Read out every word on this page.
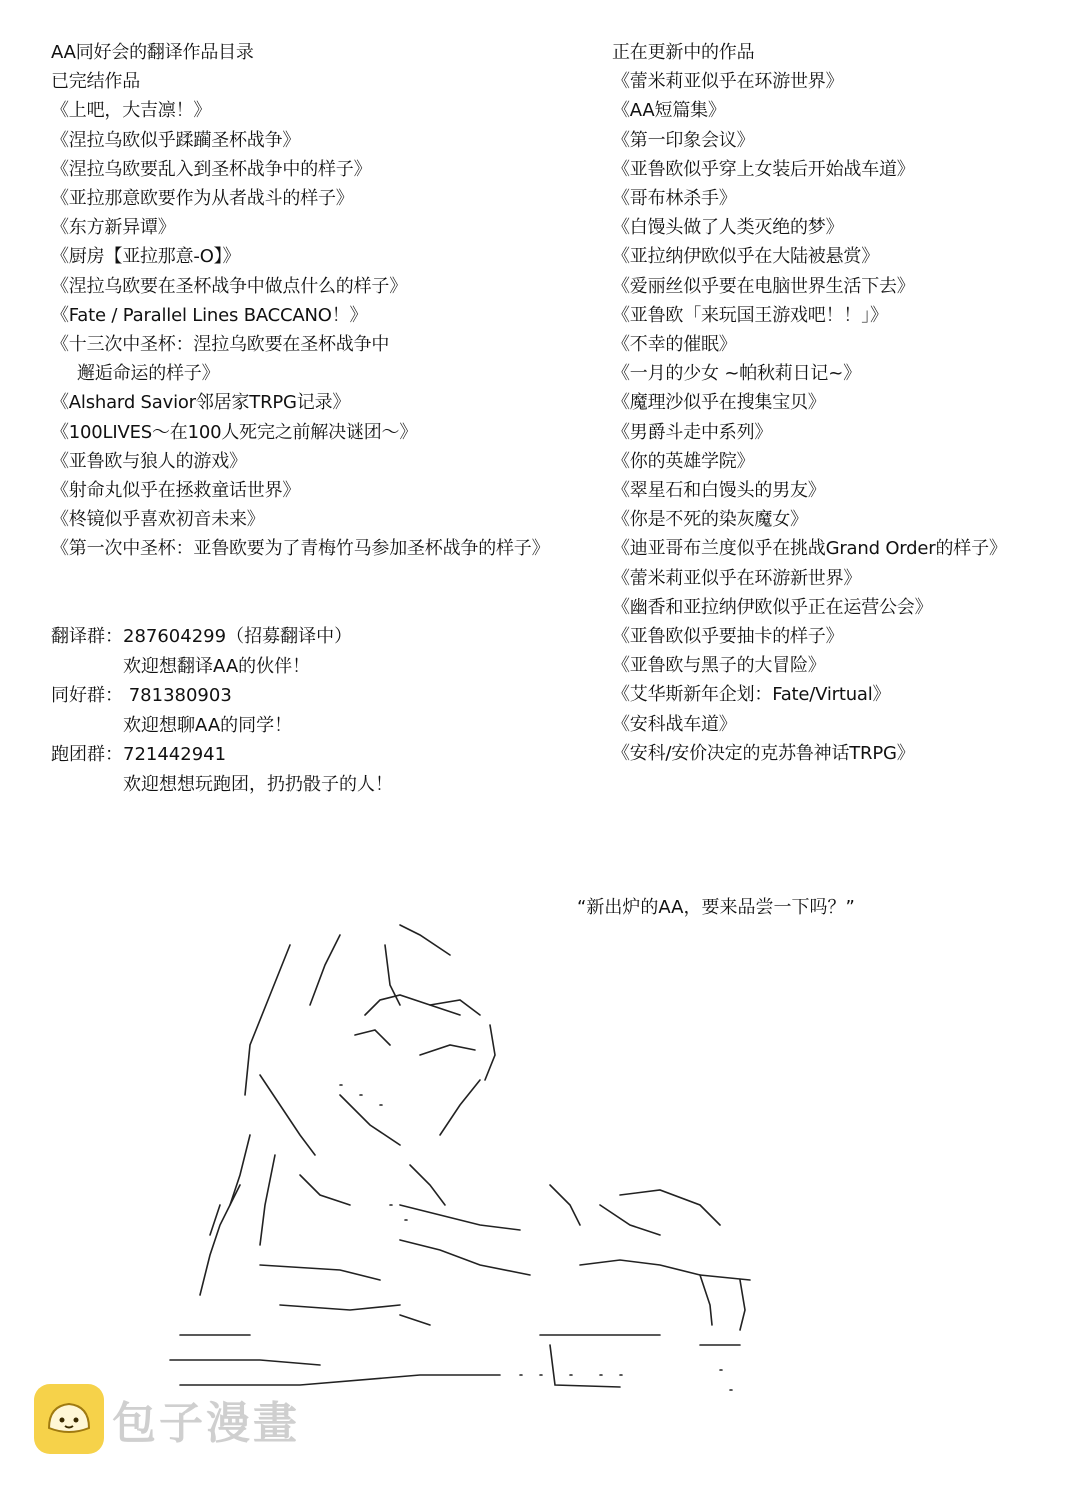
AA同好会的翻译作品目录
已完结作品
《上吧，大吉凛！》
《涅拉乌欧似乎蹂躏圣杯战争》
《涅拉乌欧要乱入到圣杯战争中的样子》
《亚拉那意欧要作为从者战斗的样子》
《东方新异谭》
《厨房【亚拉那意-O】》
《涅拉乌欧要在圣杯战争中做点什么的样子》
《Fate / Parallel Lines BACCANO！》
《十三次中圣杯：涅拉乌欧要在圣杯战争中
邂逅命运的样子》
《Alshard Savior邻居家TRPG记录》
《100LIVES～在100人死完之前解决谜团～》
《亚鲁欧与狼人的游戏》
《射命丸似乎在拯救童话世界》
《柊镜似乎喜欢初音未来》
《第一次中圣杯：亚鲁欧要为了青梅竹马参加圣杯战争的样子》
正在更新中的作品
《蕾米莉亚似乎在环游世界》
《AA短篇集》
《第一印象会议》
《亚鲁欧似乎穿上女装后开始战车道》
《哥布林杀手》
《白馒头做了人类灭绝的梦》
《亚拉纳伊欧似乎在大陆被悬赏》
《爱丽丝似乎要在电脑世界生活下去》
《亚鲁欧「来玩国王游戏吧！！」》
《不幸的催眠》
《一月的少女 ~帕秋莉日记~》
《魔理沙似乎在搜集宝贝》
《男爵斗走中系列》
《你的英雄学院》
《翠星石和白馒头的男友》
《你是不死的染灰魔女》
《迪亚哥布兰度似乎在挑战Grand Order的样子》
《蕾米莉亚似乎在环游新世界》
《幽香和亚拉纳伊欧似乎正在运营公会》
《亚鲁欧似乎要抽卡的样子》
《亚鲁欧与黑子的大冒险》
《艾华斯新年企划：Fate/Virtual》
《安科战车道》
《安科/安价决定的克苏鲁神话TRPG》
翻译群： 287604299（招募翻译中）
欢迎想翻译AA的伙伴！
同好群： 781380903
欢迎想聊AA的同学！
跑团群： 721442941
欢迎想想玩跑团，扔扔骰子的人！
“新出炉的AA，要来品尝一下吗？”
包子漫畫
